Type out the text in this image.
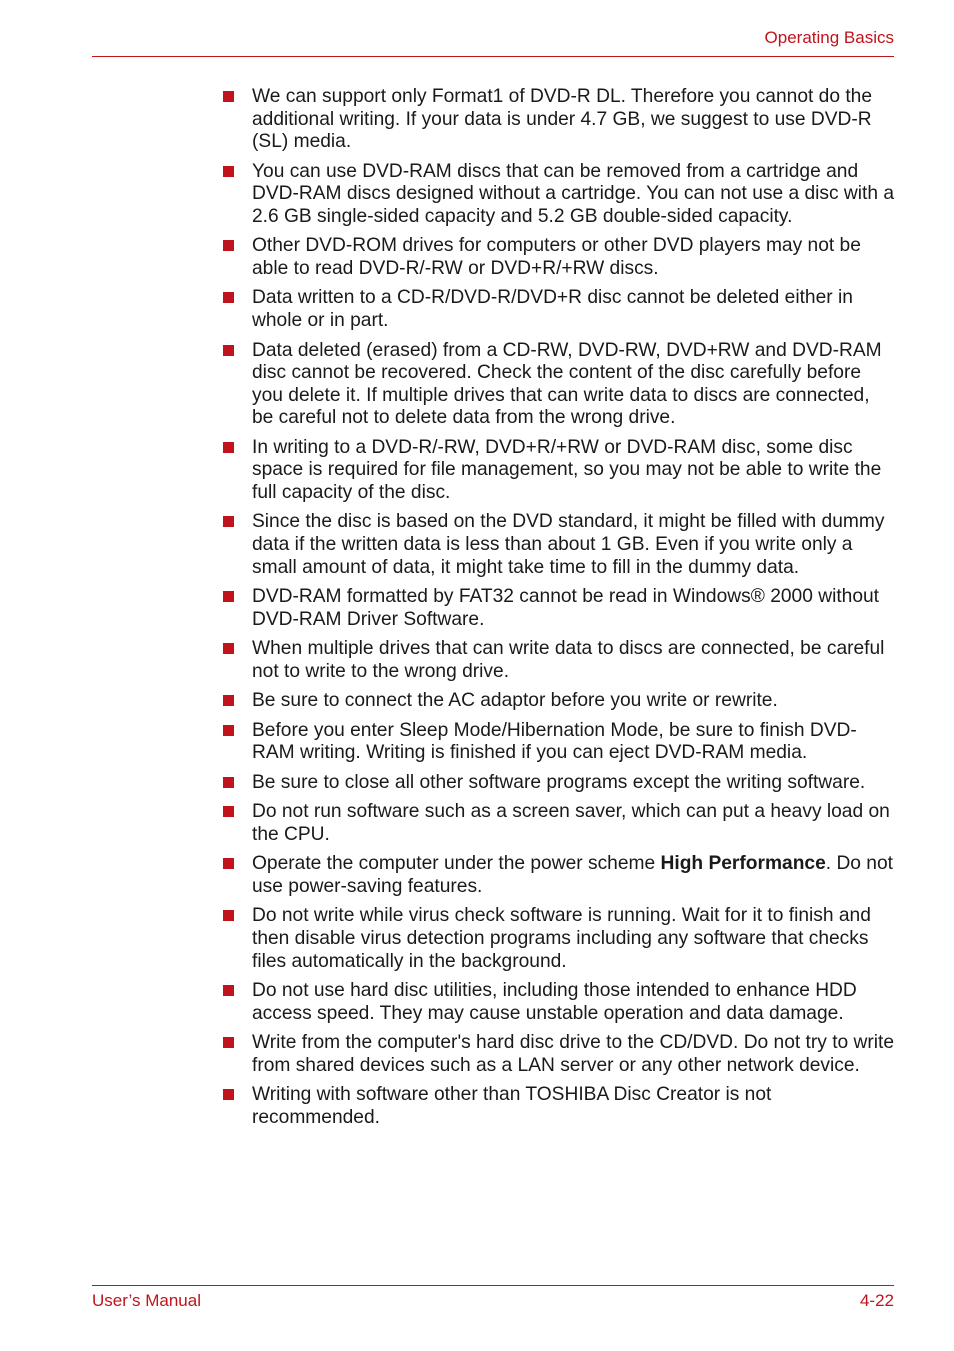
Operating Basics
We can support only Format1 of DVD-R DL. Therefore you cannot do the additional writing. If your data is under 4.7 GB, we suggest to use DVD-R (SL) media.
You can use DVD-RAM discs that can be removed from a cartridge and DVD-RAM discs designed without a cartridge. You can not use a disc with a 2.6 GB single-sided capacity and 5.2 GB double-sided capacity.
Other DVD-ROM drives for computers or other DVD players may not be able to read DVD-R/-RW or DVD+R/+RW discs.
Data written to a CD-R/DVD-R/DVD+R disc cannot be deleted either in whole or in part.
Data deleted (erased) from a CD-RW, DVD-RW, DVD+RW and DVD-RAM disc cannot be recovered. Check the content of the disc carefully before you delete it. If multiple drives that can write data to discs are connected, be careful not to delete data from the wrong drive.
In writing to a DVD-R/-RW, DVD+R/+RW or DVD-RAM disc, some disc space is required for file management, so you may not be able to write the full capacity of the disc.
Since the disc is based on the DVD standard, it might be filled with dummy data if the written data is less than about 1 GB. Even if you write only a small amount of data, it might take time to fill in the dummy data.
DVD-RAM formatted by FAT32 cannot be read in Windows® 2000 without DVD-RAM Driver Software.
When multiple drives that can write data to discs are connected, be careful not to write to the wrong drive.
Be sure to connect the AC adaptor before you write or rewrite.
Before you enter Sleep Mode/Hibernation Mode, be sure to finish DVD-RAM writing. Writing is finished if you can eject DVD-RAM media.
Be sure to close all other software programs except the writing software.
Do not run software such as a screen saver, which can put a heavy load on the CPU.
Operate the computer under the power scheme High Performance. Do not use power-saving features.
Do not write while virus check software is running. Wait for it to finish and then disable virus detection programs including any software that checks files automatically in the background.
Do not use hard disc utilities, including those intended to enhance HDD access speed. They may cause unstable operation and data damage.
Write from the computer's hard disc drive to the CD/DVD. Do not try to write from shared devices such as a LAN server or any other network device.
Writing with software other than TOSHIBA Disc Creator is not recommended.
User’s Manual	4-22
